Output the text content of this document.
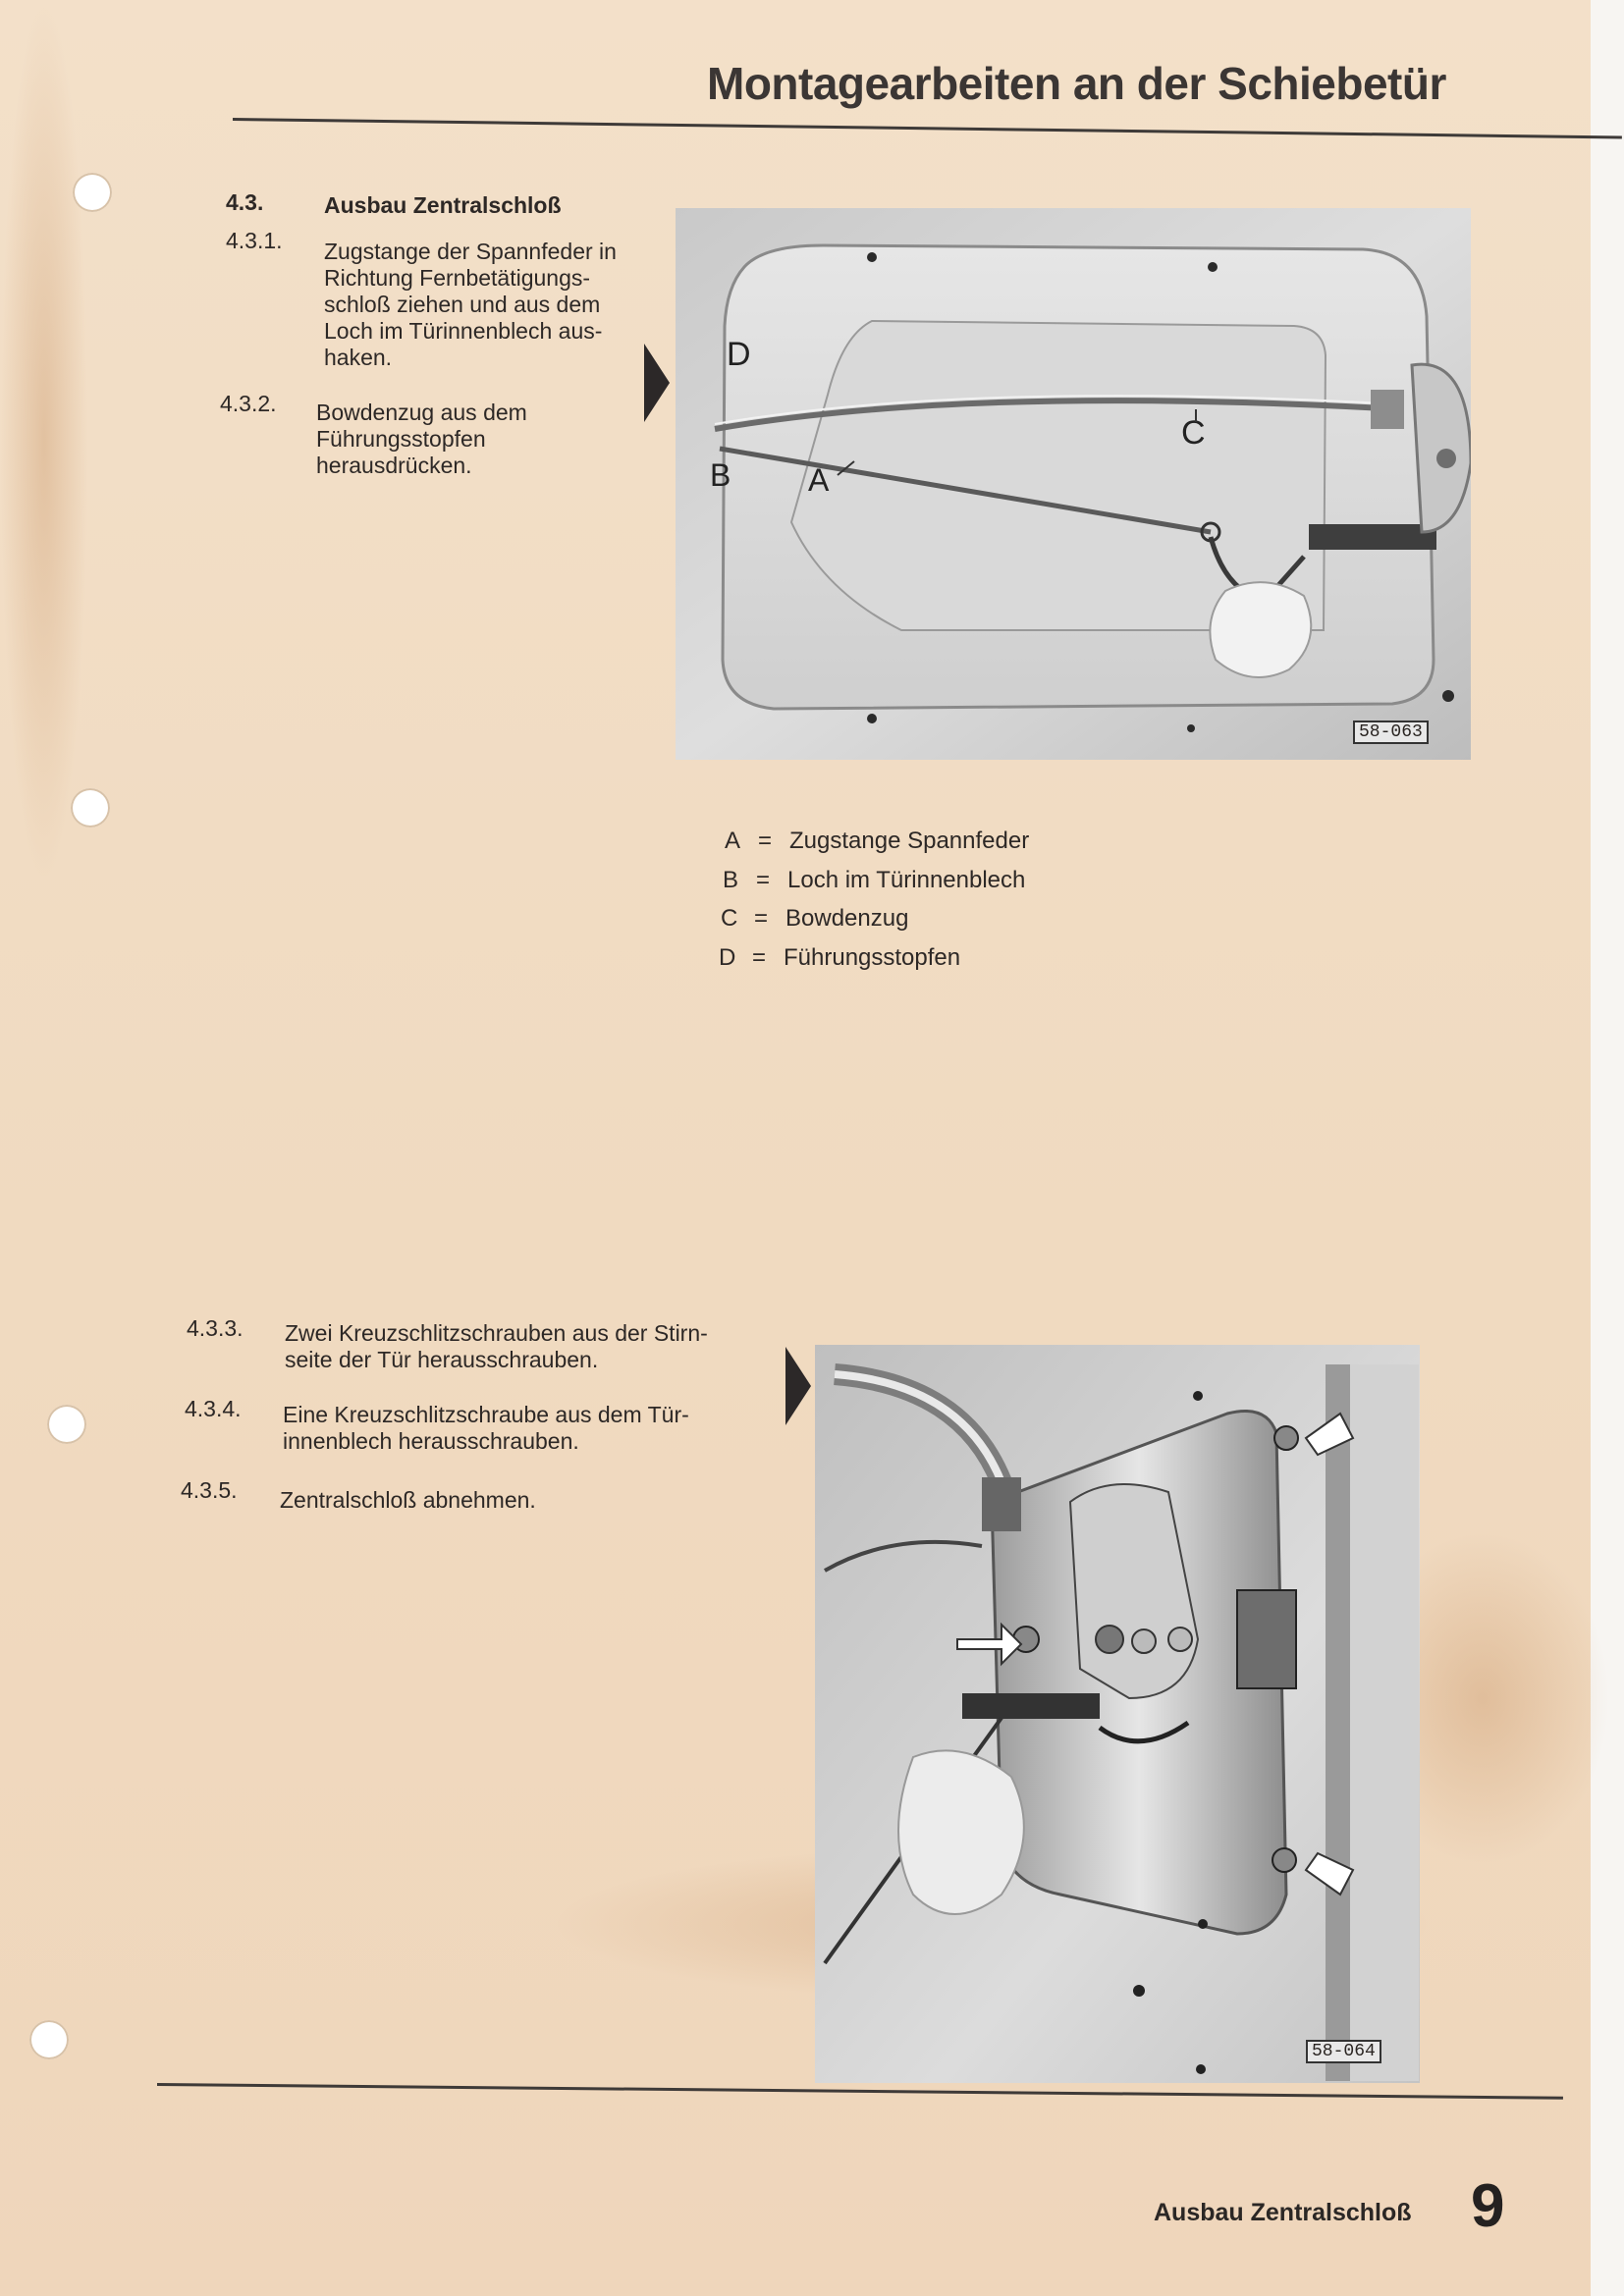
Montagearbeiten an der Schiebetür
4.3.	Ausbau Zentralschloß
4.3.1. Zugstange der Spannfeder in
Richtung Fernbetätigungs-
schloß ziehen und aus dem
Loch im Türinnenblech aus-
haken.
4.3.2. Bowdenzug aus dem
Führungsstopfen
herausdrücken.
D
B A
C
58-063
A = Zugstange Spannfeder
B = Loch im Türinnenblech
C = Bowdenzug
D = Führungsstopfen
4.3.3. Zwei Kreuzschlitzschrauben aus der Stirn-
seite der Tür herausschrauben.
4.3.4. Eine Kreuzschlitzschraube aus dem Tür-
innenblech herausschrauben.
4.3.5. Zentralschloß abnehmen.
58-064
Ausbau Zentralschloß 9
